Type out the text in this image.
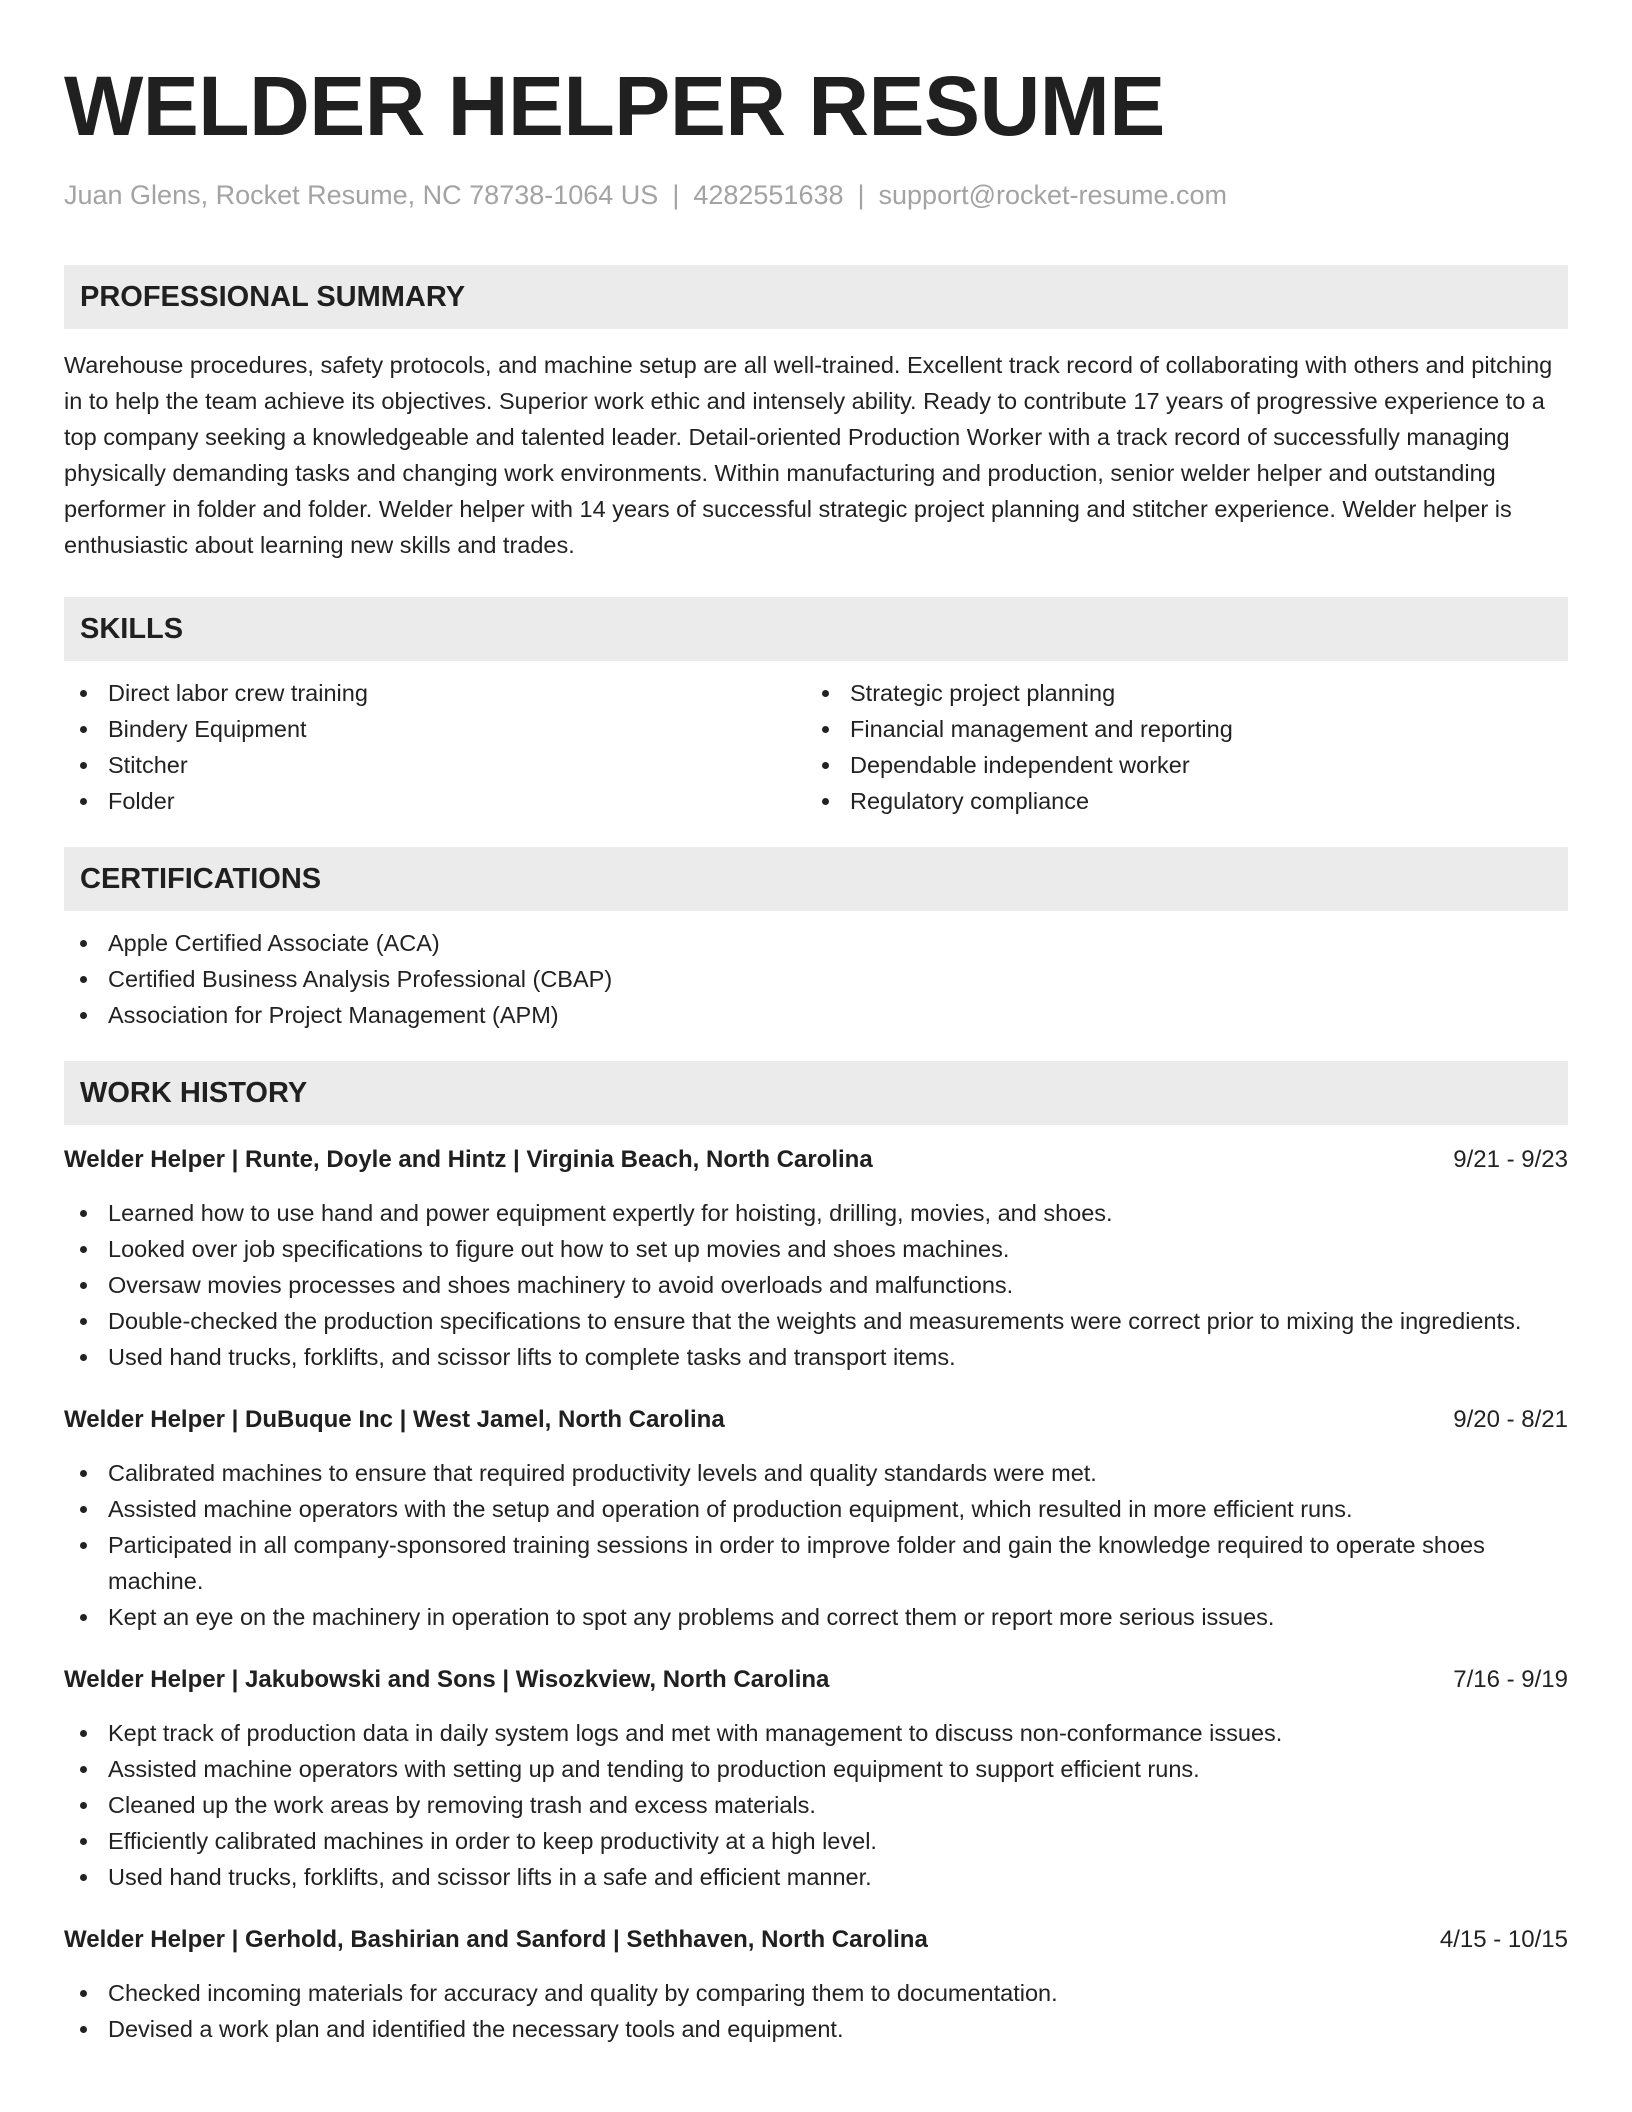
WELDER HELPER RESUME
Juan Glens, Rocket Resume, NC 78738-1064 US | 4282551638 | support@rocket-resume.com
PROFESSIONAL SUMMARY

Warehouse procedures, safety protocols, and machine setup are all well-trained. Excellent track record of collaborating with others and pitching in to help the team achieve its objectives. Superior work ethic and intensely ability. Ready to contribute 17 years of progressive experience to a top company seeking a knowledgeable and talented leader. Detail-oriented Production Worker with a track record of successfully managing physically demanding tasks and changing work environments. Within manufacturing and production, senior welder helper and outstanding performer in folder and folder. Welder helper with 14 years of successful strategic project planning and stitcher experience. Welder helper is enthusiastic about learning new skills and trades.

SKILLS
Direct labor crew training
Bindery Equipment
Stitcher
Folder
Strategic project planning
Financial management and reporting
Dependable independent worker
Regulatory compliance
CERTIFICATIONS
Apple Certified Associate (ACA)
Certified Business Analysis Professional (CBAP)
Association for Project Management (APM)
WORK HISTORY
Welder Helper | Runte, Doyle and Hintz | Virginia Beach, North Carolina	9/21 - 9/23
Learned how to use hand and power equipment expertly for hoisting, drilling, movies, and shoes.
Looked over job specifications to figure out how to set up movies and shoes machines.
Oversaw movies processes and shoes machinery to avoid overloads and malfunctions.
Double-checked the production specifications to ensure that the weights and measurements were correct prior to mixing the ingredients.
Used hand trucks, forklifts, and scissor lifts to complete tasks and transport items.
Welder Helper | DuBuque Inc | West Jamel, North Carolina	9/20 - 8/21
Calibrated machines to ensure that required productivity levels and quality standards were met.
Assisted machine operators with the setup and operation of production equipment, which resulted in more efficient runs.
Participated in all company-sponsored training sessions in order to improve folder and gain the knowledge required to operate shoes machine.
Kept an eye on the machinery in operation to spot any problems and correct them or report more serious issues.
Welder Helper | Jakubowski and Sons | Wisozkview, North Carolina	7/16 - 9/19
Kept track of production data in daily system logs and met with management to discuss non-conformance issues.
Assisted machine operators with setting up and tending to production equipment to support efficient runs.
Cleaned up the work areas by removing trash and excess materials.
Efficiently calibrated machines in order to keep productivity at a high level.
Used hand trucks, forklifts, and scissor lifts in a safe and efficient manner.
Welder Helper | Gerhold, Bashirian and Sanford | Sethhaven, North Carolina	4/15 - 10/15
Checked incoming materials for accuracy and quality by comparing them to documentation.
Devised a work plan and identified the necessary tools and equipment.
